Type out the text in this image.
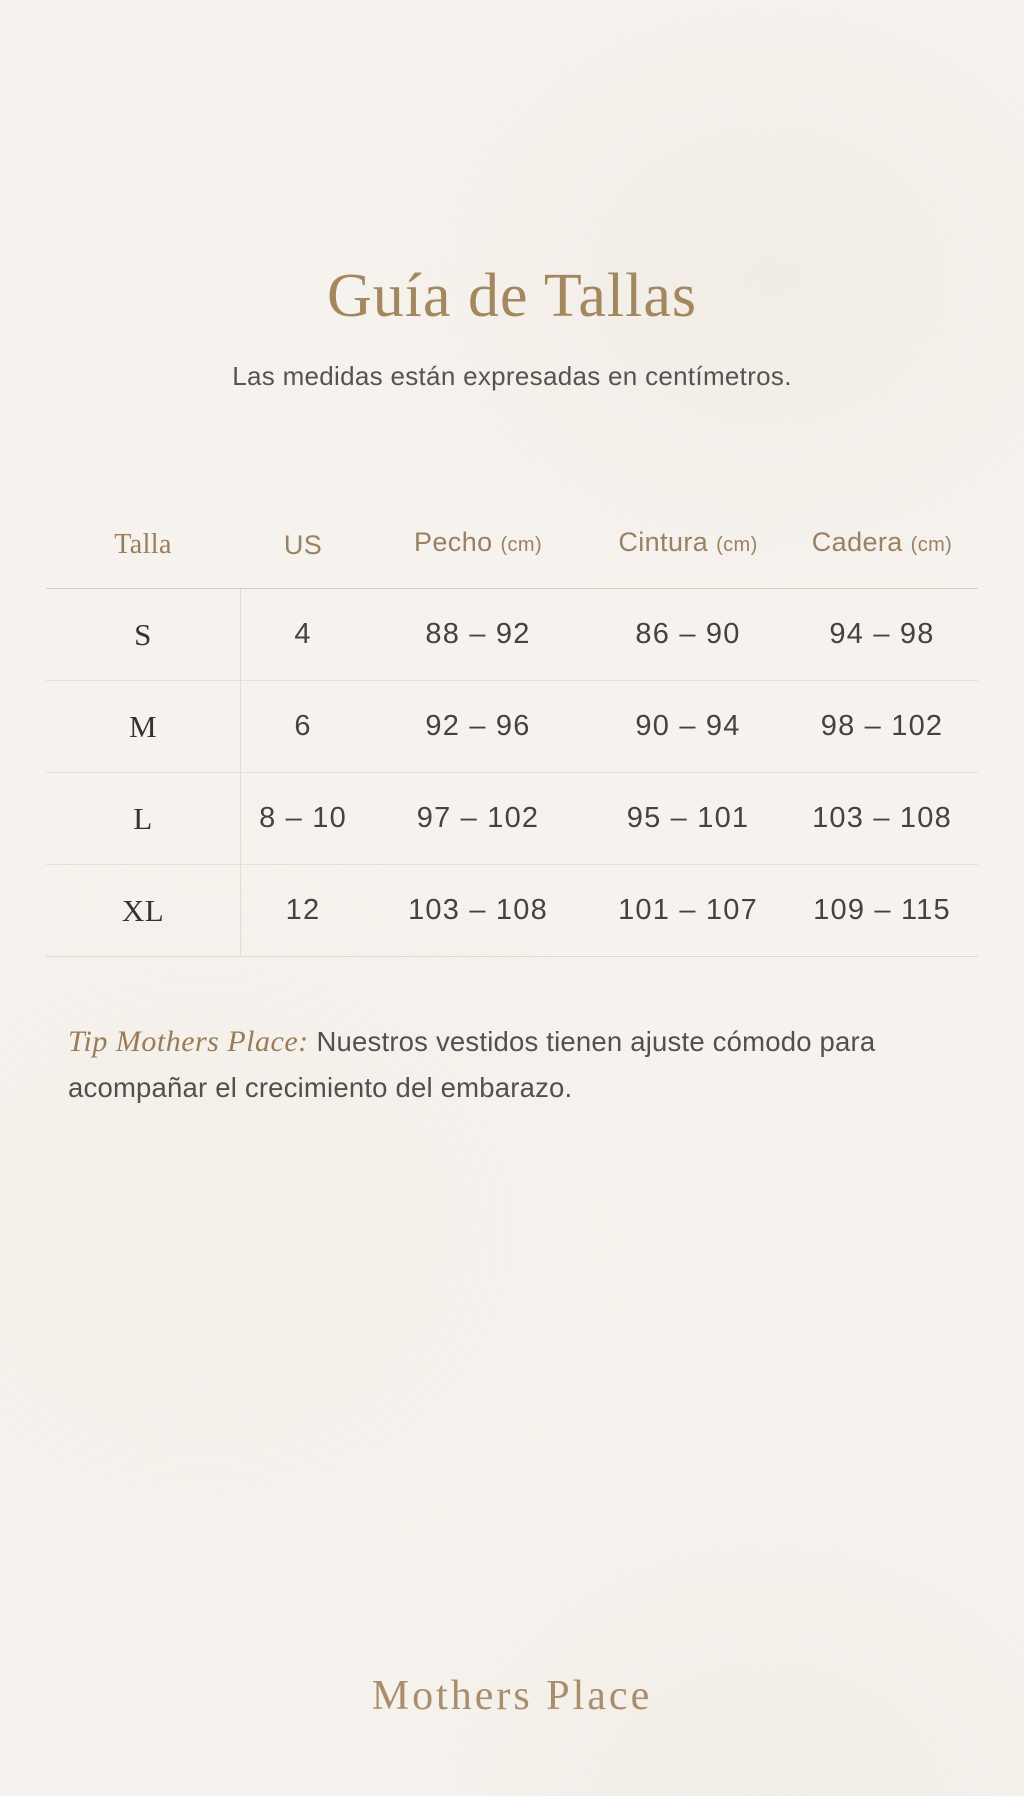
Guía de Tallas

Las medidas están expresadas en centímetros.

Talla	US	Pecho (cm)	Cintura (cm)	Cadera (cm)
S	4	88 – 92	86 – 90	94 – 98
M	6	92 – 96	90 – 94	98 – 102
L	8 – 10	97 – 102	95 – 101	103 – 108
XL	12	103 – 108	101 – 107	109 – 115

Tip Mothers Place: Nuestros vestidos tienen ajuste cómodo para acompañar el crecimiento del embarazo.

Mothers Place
